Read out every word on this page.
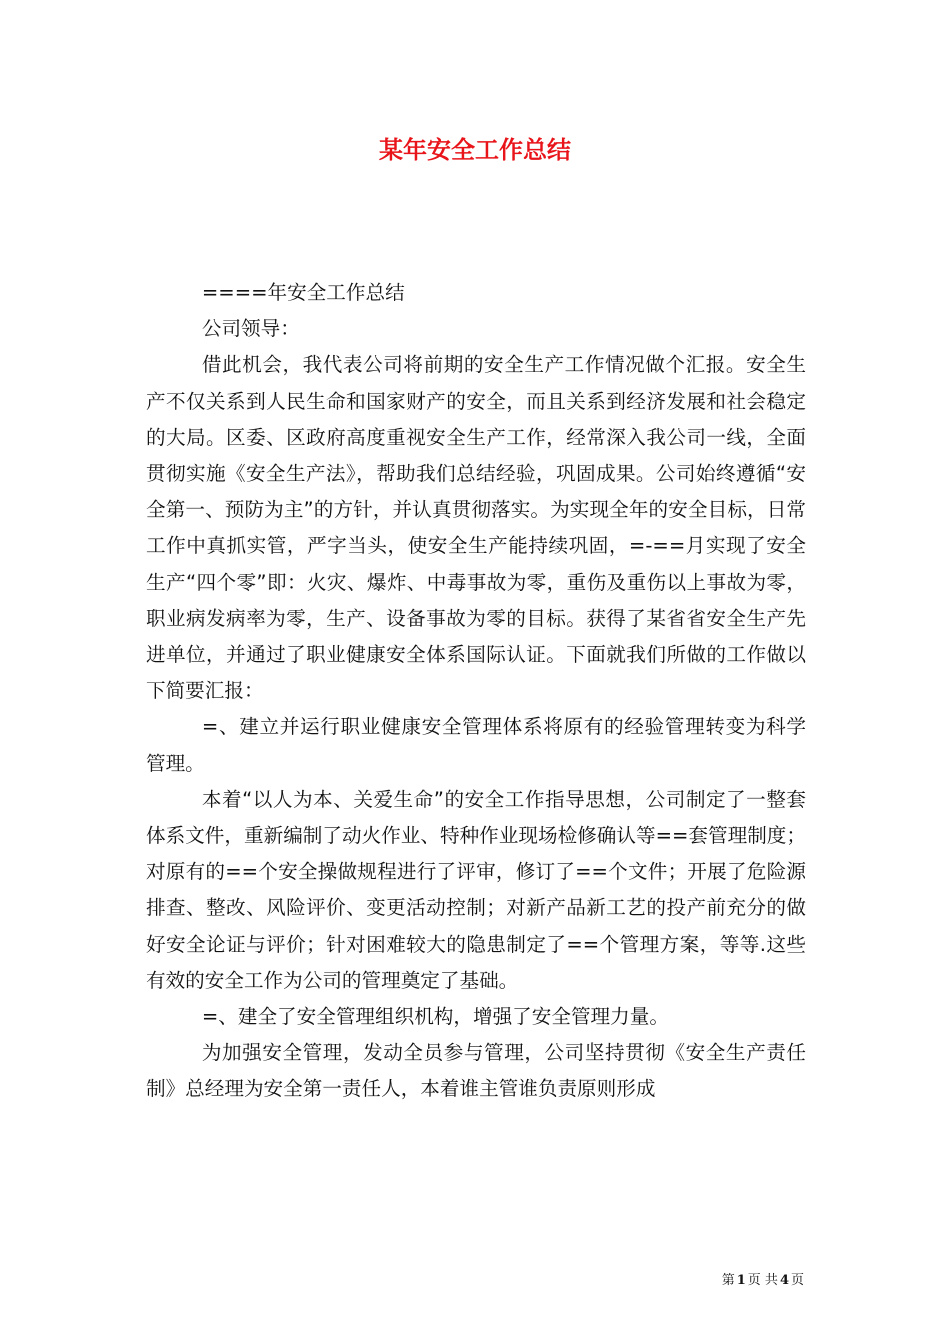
某年安全工作总结

====年安全工作总结

公司领导：

借此机会，我代表公司将前期的安全生产工作情况做个汇报。安全生产不仅关系到人民生命和国家财产的安全，而且关系到经济发展和社会稳定的大局。区委、区政府高度重视安全生产工作，经常深入我公司一线，全面贯彻实施《安全生产法》，帮助我们总结经验，巩固成果。公司始终遵循“安全第一、预防为主”的方针，并认真贯彻落实。为实现全年的安全目标，日常工作中真抓实管，严字当头，使安全生产能持续巩固，=-==月实现了安全生产“四个零”即：火灾、爆炸、中毒事故为零，重伤及重伤以上事故为零，职业病发病率为零，生产、设备事故为零的目标。获得了某省省安全生产先进单位，并通过了职业健康安全体系国际认证。下面就我们所做的工作做以下简要汇报：

=、建立并运行职业健康安全管理体系将原有的经验管理转变为科学管理。

本着“以人为本、关爱生命”的安全工作指导思想，公司制定了一整套体系文件，重新编制了动火作业、特种作业现场检修确认等==套管理制度；对原有的==个安全操做规程进行了评审，修订了==个文件；开展了危险源排查、整改、风险评价、变更活动控制；对新产品新工艺的投产前充分的做好安全论证与评价；针对困难较大的隐患制定了==个管理方案，等等.这些有效的安全工作为公司的管理奠定了基础。

=、建全了安全管理组织机构，增强了安全管理力量。

为加强安全管理，发动全员参与管理，公司坚持贯彻《安全生产责任制》总经理为安全第一责任人，本着谁主管谁负责原则形成

第 1 页 共 4 页
